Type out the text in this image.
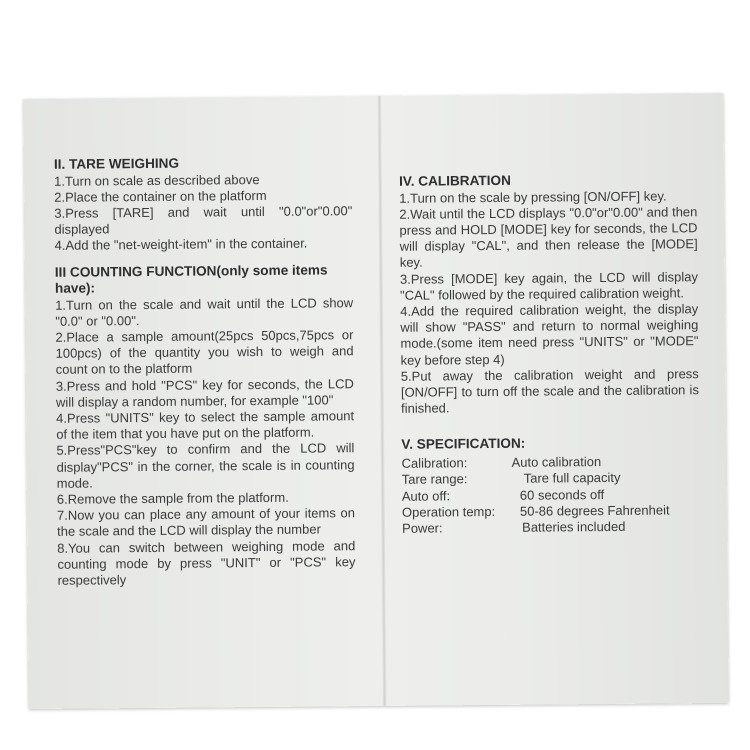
II. TARE WEIGHING

1.Turn on scale as described above

2.Place the container on the platform

3.Press [TARE] and wait until "0.0"or"0.00" displayed

4.Add the "net-weight-item" in the container.

III COUNTING FUNCTION(only some items have):

1.Turn on the scale and wait until the LCD show "0.0" or "0.00".

2.Place a sample amount(25pcs 50pcs,75pcs or 100pcs) of the quantity you wish to weigh and count on to the platform

3.Press and hold "PCS" key for seconds, the LCD will display a random number, for example "100"

4.Press "UNITS" key to select the sample amount of the item that you have put on the platform.

5.Press"PCS"key to confirm and the LCD will display"PCS" in the corner, the scale is in counting mode.

6.Remove the sample from the platform.

7.Now you can place any amount of your items on the scale and the LCD will display the number

8.You can switch between weighing mode and counting mode by press "UNIT" or "PCS" key respectively

IV. CALIBRATION

1.Turn on the scale by pressing [ON/OFF] key.

2.Wait until the LCD displays "0.0"or"0.00" and then press and HOLD [MODE] key for seconds, the LCD will display "CAL", and then release the [MODE] key.

3.Press [MODE] key again, the LCD will display "CAL" followed by the required calibration weight.

4.Add the required calibration weight, the display will show "PASS" and return to normal weighing mode.(some item need press "UNITS" or "MODE" key before step 4)

5.Put away the calibration weight and press [ON/OFF] to turn off the scale and the calibration is finished.

V. SPECIFICATION:
Calibration:	Auto calibration
Tare range:	Tare full capacity
Auto off:	60 seconds off
Operation temp:	50-86 degrees Fahrenheit
Power:	Batteries included
